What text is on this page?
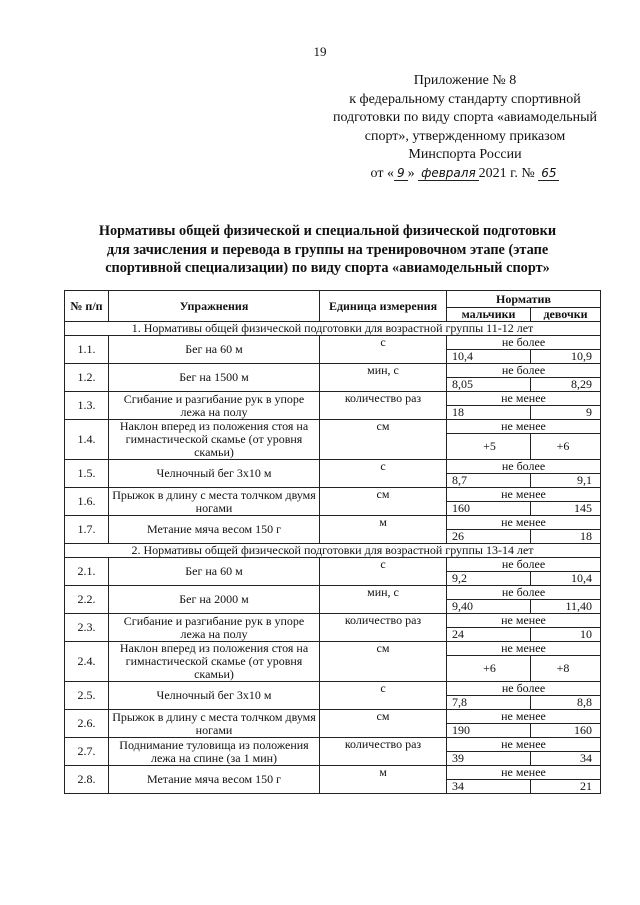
19
Приложение № 8
к федеральному стандарту спортивной
подготовки по виду спорта «авиамодельный
спорт», утвержденному приказом
Минспорта России
от « 9 » февраля 2021 г. № 65
Нормативы общей физической и специальной физической подготовки
для зачисления и перевода в группы на тренировочном этапе (этапе
спортивной специализации) по виду спорта «авиамодельный спорт»
№ п/п	Упражнения	Единица измерения	Норматив	
			мальчики	девочки
1. Нормативы общей физической подготовки для возрастной группы 11-12 лет				
1.1.	Бег на 60 м	с	не более	
			10,4	10,9
1.2.	Бег на 1500 м	мин, с	не более	
			8,05	8,29
1.3.	Сгибание и разгибание рук в упоре лежа на полу	количество раз	не менее	
			18	9
1.4.	Наклон вперед из положения стоя на гимнастической скамье (от уровня скамьи)	см	не менее	
			+5	+6
1.5.	Челночный бег 3x10 м	с	не более	
			8,7	9,1
1.6.	Прыжок в длину с места толчком двумя ногами	см	не менее	
			160	145
1.7.	Метание мяча весом 150 г	м	не менее	
			26	18
2. Нормативы общей физической подготовки для возрастной группы 13-14 лет				
2.1.	Бег на 60 м	с	не более	
			9,2	10,4
2.2.	Бег на 2000 м	мин, с	не более	
			9,40	11,40
2.3.	Сгибание и разгибание рук в упоре лежа на полу	количество раз	не менее	
			24	10
2.4.	Наклон вперед из положения стоя на гимнастической скамье (от уровня скамьи)	см	не менее	
			+6	+8
2.5.	Челночный бег 3x10 м	с	не более	
			7,8	8,8
2.6.	Прыжок в длину с места толчком двумя ногами	см	не менее	
			190	160
2.7.	Поднимание туловища из положения лежа на спине (за 1 мин)	количество раз	не менее	
			39	34
2.8.	Метание мяча весом 150 г	м	не менее	
			34	21
